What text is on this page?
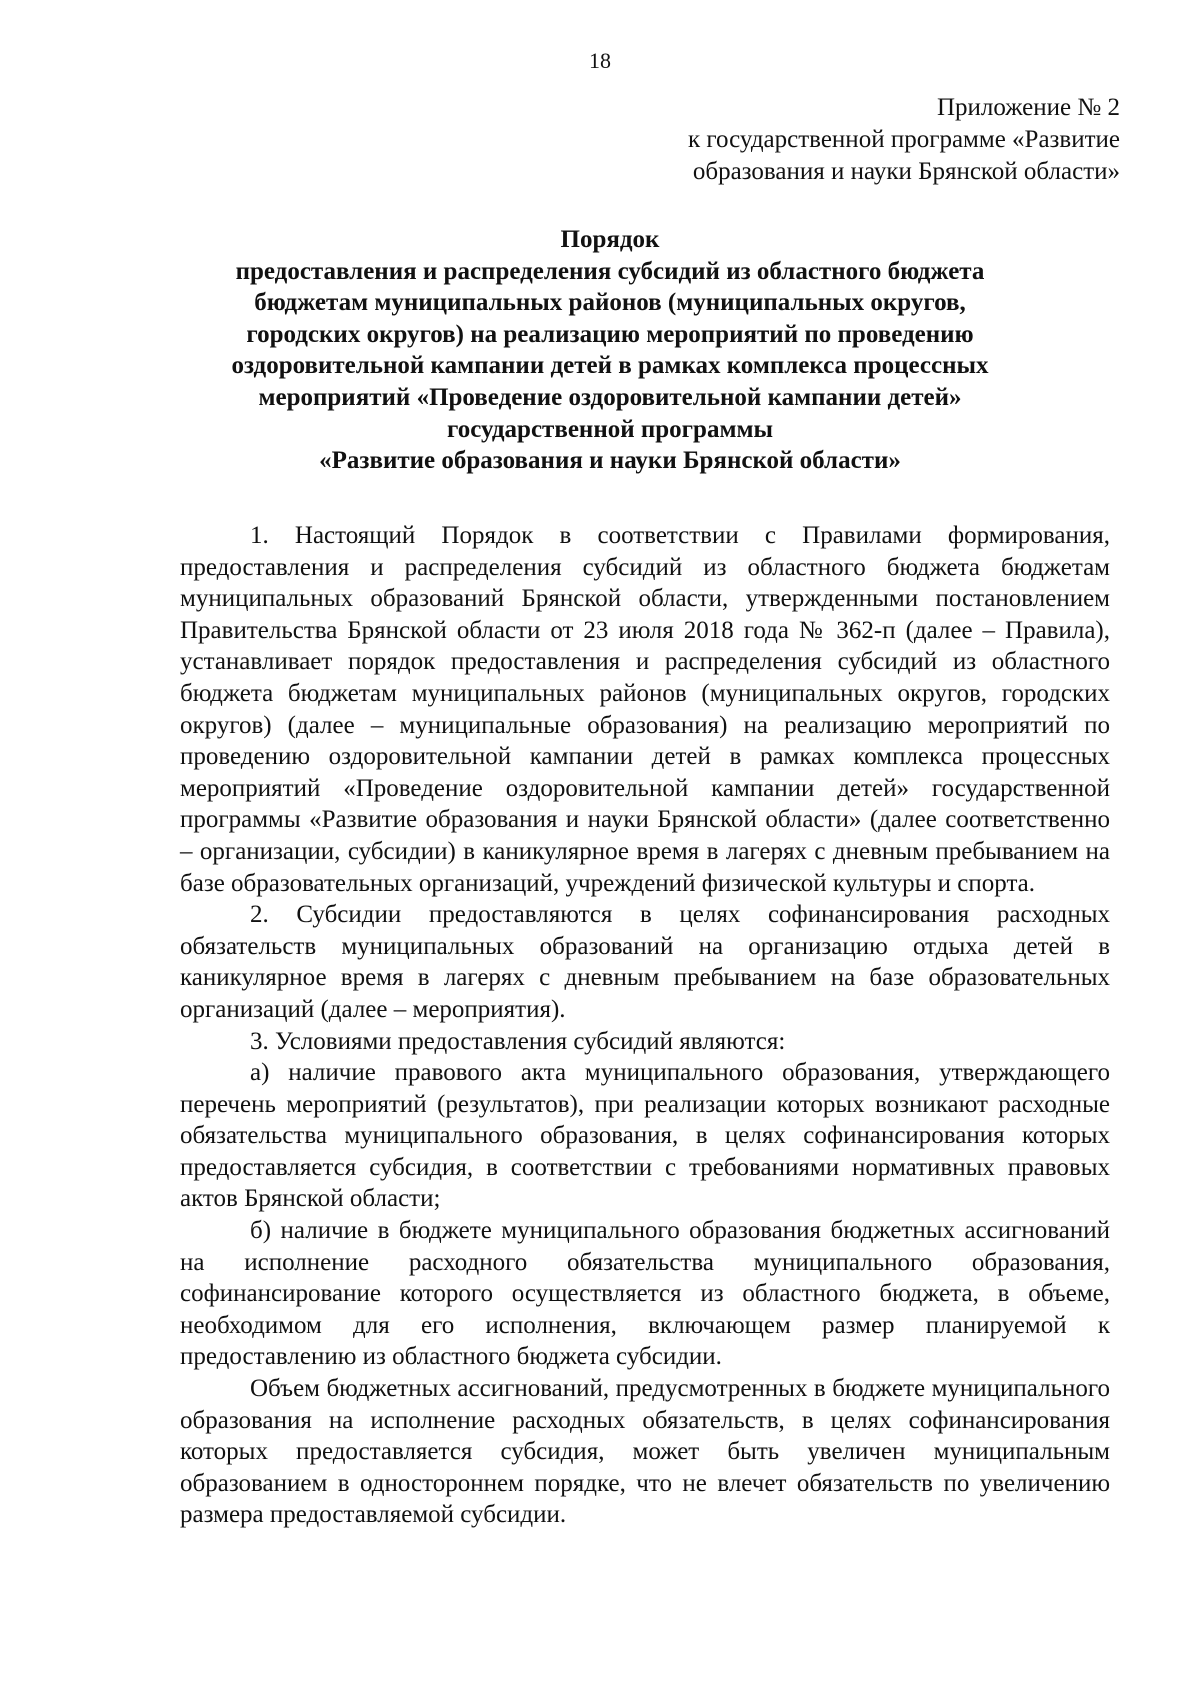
18
Приложение № 2
к государственной программе «Развитие
образования и науки Брянской области»
Порядок
предоставления и распределения субсидий из областного бюджета
бюджетам муниципальных районов (муниципальных округов,
городских округов) на реализацию мероприятий по проведению
оздоровительной кампании детей в рамках комплекса процессных
мероприятий «Проведение оздоровительной кампании детей»
государственной программы
«Развитие образования и науки Брянской области»

1. Настоящий Порядок в соответствии с Правилами формирования, предоставления и распределения субсидий из областного бюджета бюджетам муниципальных образований Брянской области, утвержденными постановлением Правительства Брянской области от 23 июля 2018 года № 362-п (далее – Правила), устанавливает порядок предоставления и распределения субсидий из областного бюджета бюджетам муниципальных районов (муниципальных округов, городских округов) (далее – муниципальные образования) на реализацию мероприятий по проведению оздоровительной кампании детей в рамках комплекса процессных мероприятий «Проведение оздоровительной кампании детей» государственной программы «Развитие образования и науки Брянской области» (далее соответственно – организации, субсидии) в каникулярное время в лагерях с дневным пребыванием на базе образовательных организаций, учреждений физической культуры и спорта.

2. Субсидии предоставляются в целях софинансирования расходных обязательств муниципальных образований на организацию отдыха детей в каникулярное время в лагерях с дневным пребыванием на базе образовательных организаций (далее – мероприятия).

3. Условиями предоставления субсидий являются:

а) наличие правового акта муниципального образования, утверждающего перечень мероприятий (результатов), при реализации которых возникают расходные обязательства муниципального образования, в целях софинансирования которых предоставляется субсидия, в соответствии с требованиями нормативных правовых актов Брянской области;

б) наличие в бюджете муниципального образования бюджетных ассигнований на исполнение расходного обязательства муниципального образования, софинансирование которого осуществляется из областного бюджета, в объеме, необходимом для его исполнения, включающем размер планируемой к предоставлению из областного бюджета субсидии.

Объем бюджетных ассигнований, предусмотренных в бюджете муниципального образования на исполнение расходных обязательств, в целях софинансирования которых предоставляется субсидия, может быть увеличен муниципальным образованием в одностороннем порядке, что не влечет обязательств по увеличению размера предоставляемой субсидии.
